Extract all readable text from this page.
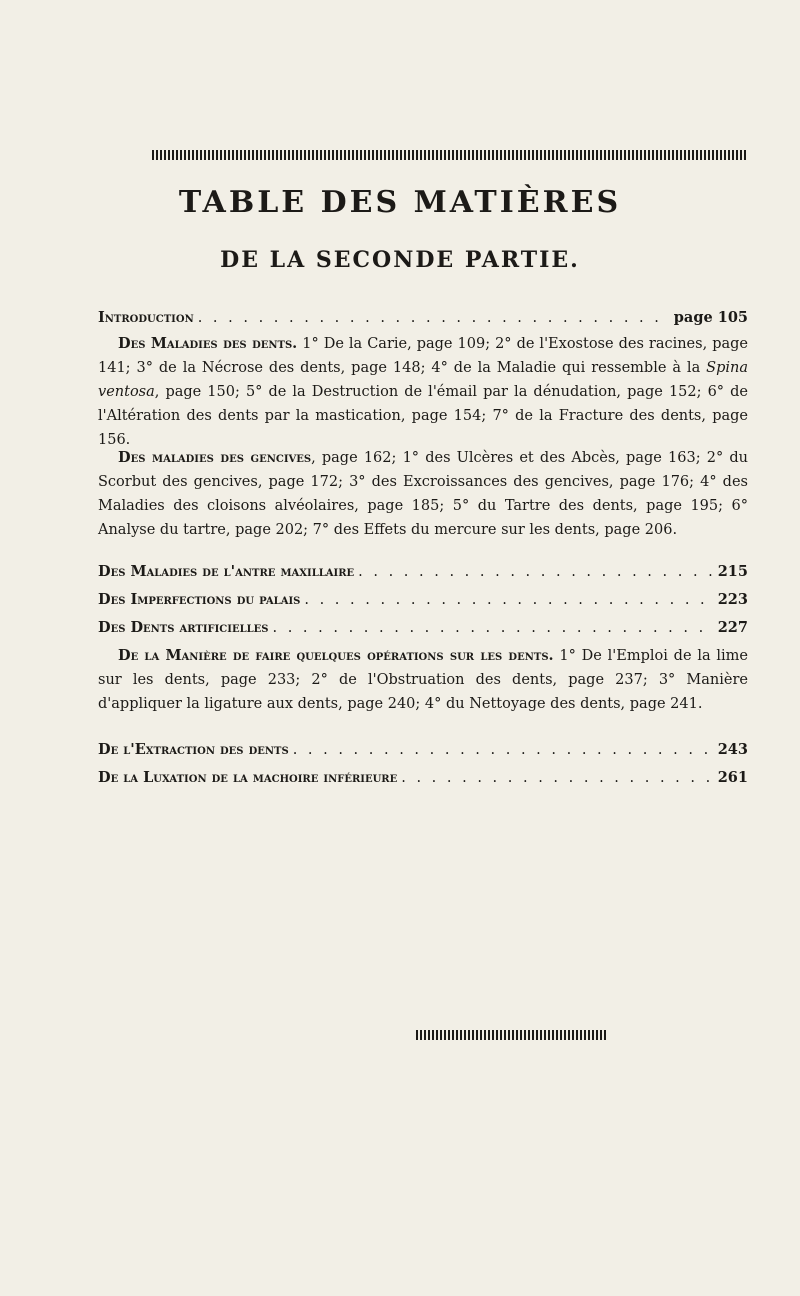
TABLE DES MATIÈRES
DE LA SECONDE PARTIE.
Introduction . . .	page 105

Des Maladies des dents. 1° De la Carie, page 109; 2° de l'Exostose des racines, page 141; 3° de la Nécrose des dents, page 148; 4° de la Maladie qui ressemble à la Spina ventosa, page 150; 5° de la Destruction de l'émail par la dénudation, page 152; 6° de l'Altération des dents par la mastication, page 154; 7° de la Fracture des dents, page 156.

Des maladies des gencives, page 162; 1° des Ulcères et des Abcès, page 163; 2° du Scorbut des gencives, page 172; 3° des Excroissances des gencives, page 176; 4° des Maladies des cloisons alvéolaires, page 185; 5° du Tartre des dents, page 195; 6° Analyse du tartre, page 202; 7° des Effets du mercure sur les dents, page 206.

Des Maladies de l'antre maxillaire . . .	215
Des Imperfections du palais . . .	223
Des Dents artificielles . . .	227

De la Manière de faire quelques opérations sur les dents. 1° De l'Emploi de la lime sur les dents, page 233; 2° de l'Obstruation des dents, page 237; 3° Manière d'appliquer la ligature aux dents, page 240; 4° du Nettoyage des dents, page 241.

De l'Extraction des dents . . .	243
De la Luxation de la machoire inférieure . . .	261
